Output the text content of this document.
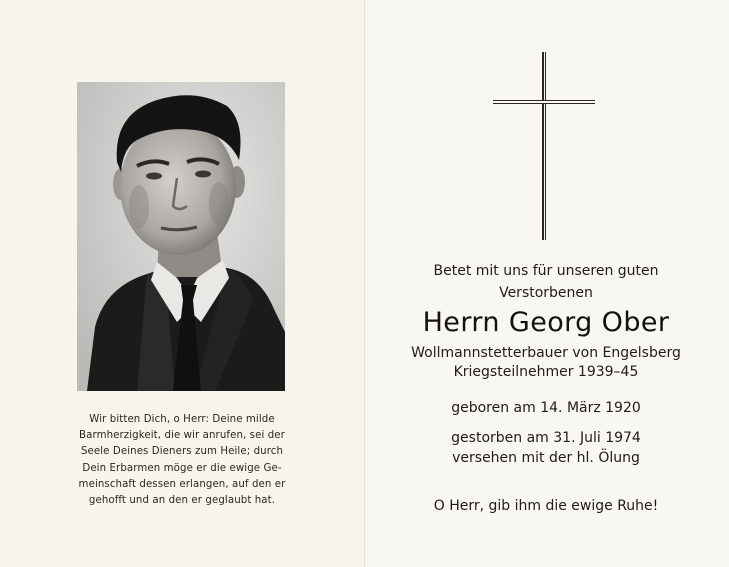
Wir bitten Dich, o Herr: Deine milde
Barmherzigkeit, die wir anrufen, sei der
Seele Deines Dieners zum Heile; durch
Dein Erbarmen möge er die ewige Ge-
meinschaft dessen erlangen, auf den er
gehofft und an den er geglaubt hat.
Betet mit uns für unseren guten
Verstorbenen
Herrn Georg Ober
Wollmannstetterbauer von Engelsberg
Kriegsteilnehmer 1939–45
geboren am 14. März 1920
gestorben am 31. Juli 1974
versehen mit der hl. Ölung
O Herr, gib ihm die ewige Ruhe!
